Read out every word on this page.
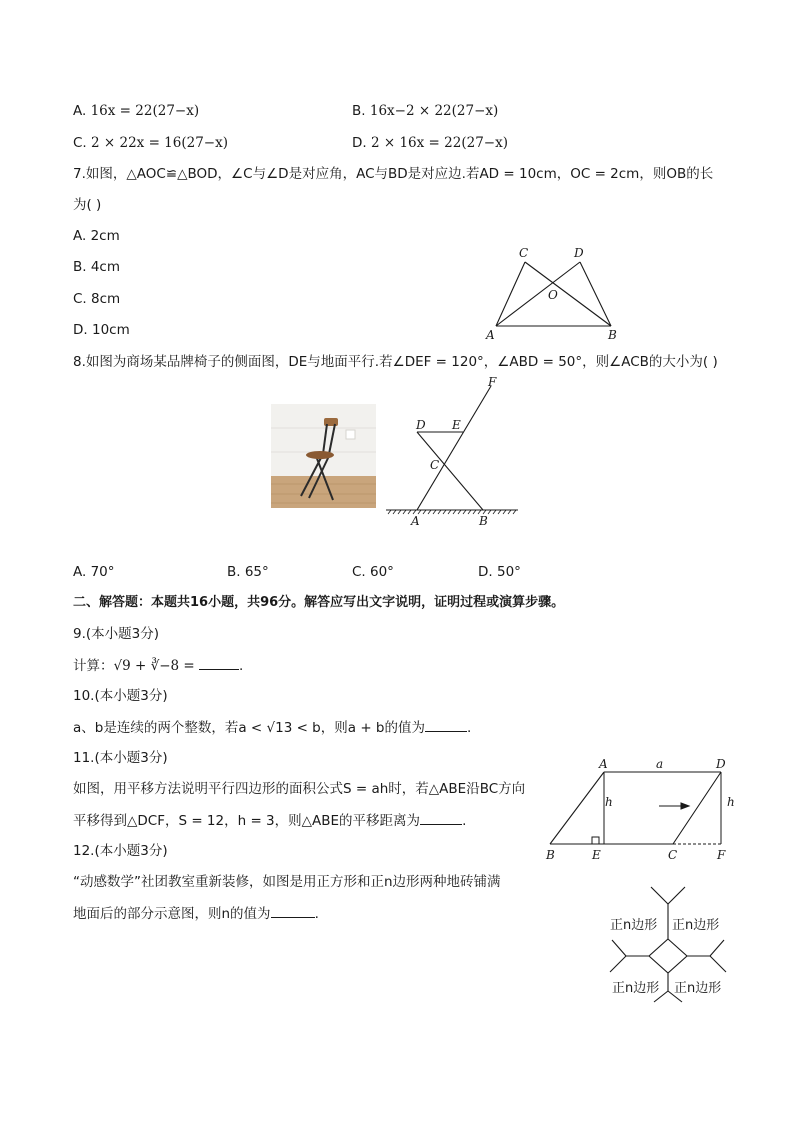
A. 16x = 22(27−x)	B. 16x−2 × 22(27−x)
C. 2 × 22x = 16(27−x)	D. 2 × 16x = 22(27−x)
7.如图，△AOC≌△BOD，∠C与∠D是对应角，AC与BD是对应边.若AD = 10cm，OC = 2cm，则OB的长
为( )
A. 2cm
B. 4cm
C. 8cm
D. 10cm	A	B
C	D
O
8.如图为商场某品牌椅子的侧面图，DE与地面平行.若∠DEF = 120°，∠ABD = 50°，则∠ACB的大小为( )
D E
F
C
A	B
A. 70°	B. 65°	C. 60°	D. 50°
二、解答题：本题共16小题，共96分。解答应写出文字说明，证明过程或演算步骤。
9.(本小题3分)
计算：√9 + ∛−8 =	.
10.(本小题3分)
a、b是连续的两个整数，若a < √13 < b，则a + b的值为	.
11.(本小题3分)
如图，用平移方法说明平行四边形的面积公式S = ah时，若△ABE沿BC方向
平移得到△DCF，S = 12，h = 3，则△ABE的平移距离为	.
A	a	D
h	h
B	E	C	F
12.(本小题3分)
“动感数学”社团教室重新装修，如图是用正方形和正n边形两种地砖铺满
地面后的部分示意图，则n的值为	.
正n边形 正n边形
正n边形 正n边形
